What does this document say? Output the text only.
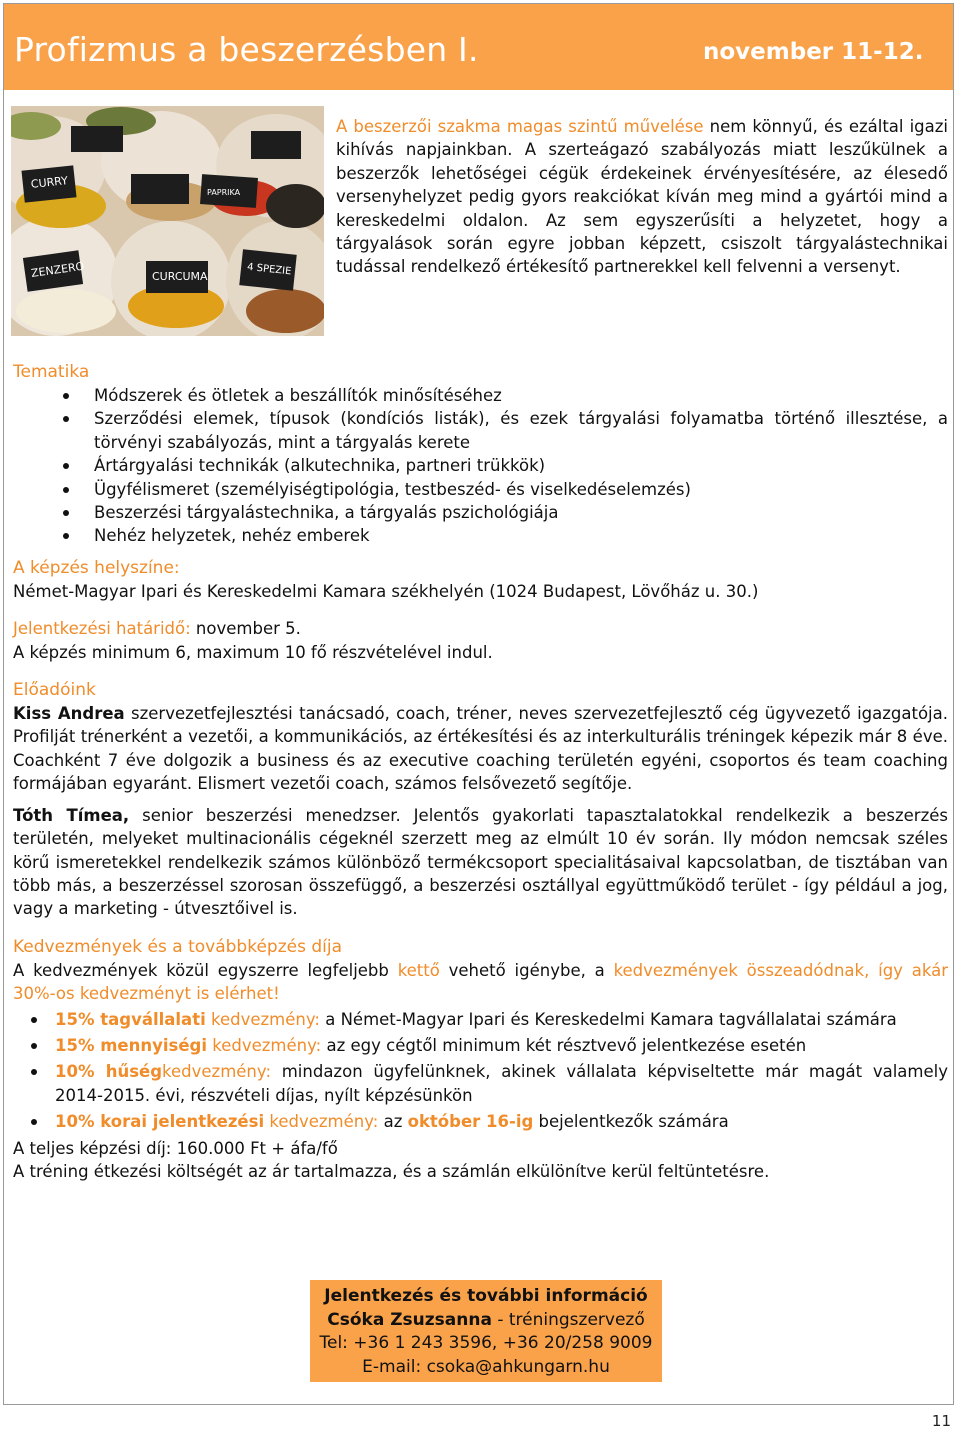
Profizmus a beszerzésben I.	november 11-12.
CURRY
PAPRIKA
ZENZERO	CURCUMA	4 SPEZIE
A beszerzői szakma magas szintű művelése nem könnyű, és ezáltal igazi kihívás napjainkban. A szerteágazó szabályozás miatt leszűkülnek a beszerzők lehetőségei cégük érdekeinek érvényesítésére, az élesedő versenyhelyzet pedig gyors reakciókat kíván meg mind a gyártói mind a kereskedelmi oldalon. Az sem egyszerűsíti a helyzetet, hogy a tárgyalások során egyre jobban képzett, csiszolt tárgyalástechnikai tudással rendelkező értékesítő partnerekkel kell felvenni a versenyt.
Tematika
Módszerek és ötletek a beszállítók minősítéséhez
Szerződési elemek, típusok (kondíciós listák), és ezek tárgyalási folyamatba történő illesztése, a törvényi szabályozás, mint a tárgyalás kerete
Ártárgyalási technikák (alkutechnika, partneri trükkök)
Ügyfélismeret (személyiségtipológia, testbeszéd- és viselkedéselemzés)
Beszerzési tárgyalástechnika, a tárgyalás pszichológiája
Nehéz helyzetek, nehéz emberek
A képzés helyszíne:
Német-Magyar Ipari és Kereskedelmi Kamara székhelyén (1024 Budapest, Lövőház u. 30.)
Jelentkezési határidő: november 5.
A képzés minimum 6, maximum 10 fő részvételével indul.
Előadóink
Kiss Andrea szervezetfejlesztési tanácsadó, coach, tréner, neves szervezetfejlesztő cég ügyvezető igazgatója. Profilját trénerként a vezetői, a kommunikációs, az értékesítési és az interkulturális tréningek képezik már 8 éve. Coachként 7 éve dolgozik a business és az executive coaching területén egyéni, csoportos és team coaching formájában egyaránt. Elismert vezetői coach, számos felsővezető segítője.
Tóth Tímea, senior beszerzési menedzser. Jelentős gyakorlati tapasztalatokkal rendelkezik a beszerzés területén, melyeket multinacionális cégeknél szerzett meg az elmúlt 10 év során. Ily módon nemcsak széles körű ismeretekkel rendelkezik számos különböző termékcsoport specialitásaival kapcsolatban, de tisztában van több más, a beszerzéssel szorosan összefüggő, a beszerzési osztállyal együttműködő terület - így például a jog, vagy a marketing - útvesztőivel is.
Kedvezmények és a továbbképzés díja
A kedvezmények közül egyszerre legfeljebb kettő vehető igénybe, a kedvezmények összeadódnak, így akár 30%-os kedvezményt is elérhet!
15% tagvállalati kedvezmény: a Német-Magyar Ipari és Kereskedelmi Kamara tagvállalatai számára
15% mennyiségi kedvezmény: az egy cégtől minimum két résztvevő jelentkezése esetén
10% hűségkedvezmény: mindazon ügyfelünknek, akinek vállalata képviseltette már magát valamely 2014-2015. évi, részvételi díjas, nyílt képzésünkön
10% korai jelentkezési kedvezmény: az október 16-ig bejelentkezők számára
A teljes képzési díj: 160.000 Ft + áfa/fő
A tréning étkezési költségét az ár tartalmazza, és a számlán elkülönítve kerül feltüntetésre.
Jelentkezés és további információ
Csóka Zsuzsanna - tréningszervező
Tel: +36 1 243 3596, +36 20/258 9009
E-mail: csoka@ahkungarn.hu
11
